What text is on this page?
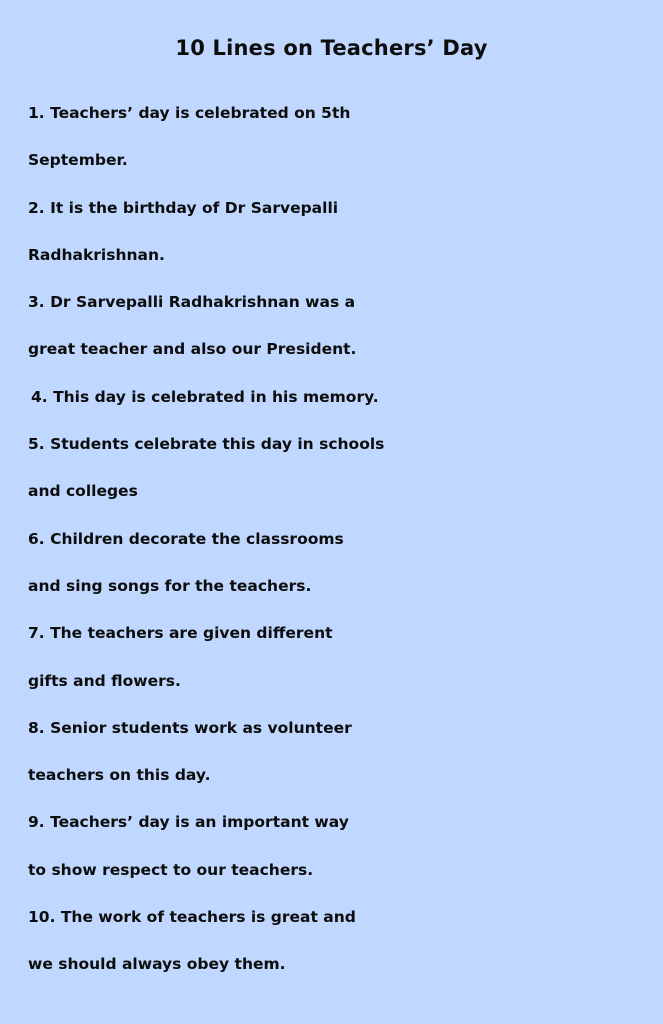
10 Lines on Teachers’ Day
1. Teachers’ day is celebrated on 5th
September.
2. It is the birthday of Dr Sarvepalli
Radhakrishnan.
3. Dr Sarvepalli Radhakrishnan was a
great teacher and also our President.
4. This day is celebrated in his memory.
5. Students celebrate this day in schools
and colleges
6. Children decorate the classrooms
and sing songs for the teachers.
7. The teachers are given different
gifts and flowers.
8. Senior students work as volunteer
teachers on this day.
9. Teachers’ day is an important way
to show respect to our teachers.
10. The work of teachers is great and
we should always obey them.
